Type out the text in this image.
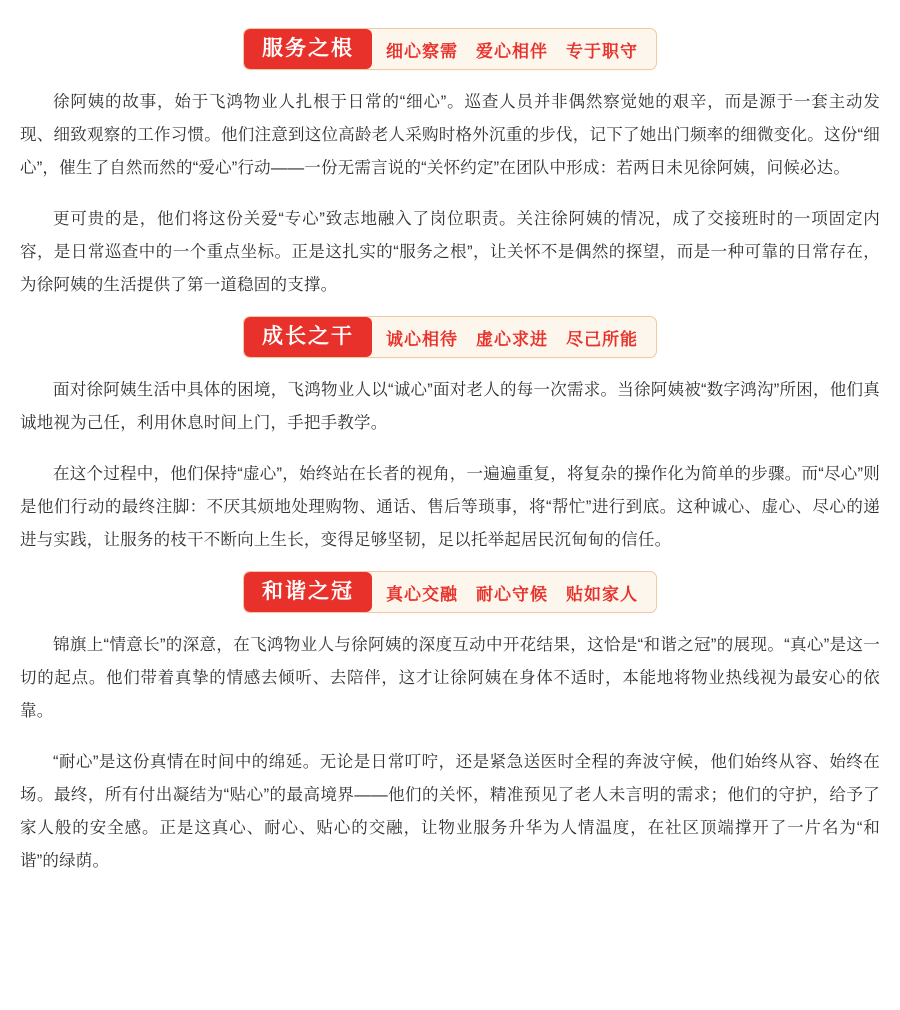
服务之根	细心察需 爱心相伴 专于职守

徐阿姨的故事，始于飞鸿物业人扎根于日常的“细心”。巡查人员并非偶然察觉她的艰辛，而是源于一套主动发现、细致观察的工作习惯。他们注意到这位高龄老人采购时格外沉重的步伐，记下了她出门频率的细微变化。这份“细心”，催生了自然而然的“爱心”行动——一份无需言说的“关怀约定”在团队中形成：若两日未见徐阿姨，问候必达。

更可贵的是，他们将这份关爱“专心”致志地融入了岗位职责。关注徐阿姨的情况，成了交接班时的一项固定内容，是日常巡查中的一个重点坐标。正是这扎实的“服务之根”，让关怀不是偶然的探望，而是一种可靠的日常存在，为徐阿姨的生活提供了第一道稳固的支撑。

成长之干	诚心相待 虚心求进 尽己所能

面对徐阿姨生活中具体的困境，飞鸿物业人以“诚心”面对老人的每一次需求。当徐阿姨被“数字鸿沟”所困，他们真诚地视为己任，利用休息时间上门，手把手教学。

在这个过程中，他们保持“虚心”，始终站在长者的视角，一遍遍重复，将复杂的操作化为简单的步骤。而“尽心”则是他们行动的最终注脚：不厌其烦地处理购物、通话、售后等琐事，将“帮忙”进行到底。这种诚心、虚心、尽心的递进与实践，让服务的枝干不断向上生长，变得足够坚韧，足以托举起居民沉甸甸的信任。

和谐之冠	真心交融 耐心守候 贴如家人

锦旗上“情意长”的深意，在飞鸿物业人与徐阿姨的深度互动中开花结果，这恰是“和谐之冠”的展现。“真心”是这一切的起点。他们带着真挚的情感去倾听、去陪伴，这才让徐阿姨在身体不适时，本能地将物业热线视为最安心的依靠。

“耐心”是这份真情在时间中的绵延。无论是日常叮咛，还是紧急送医时全程的奔波守候，他们始终从容、始终在场。最终，所有付出凝结为“贴心”的最高境界——他们的关怀，精准预见了老人未言明的需求；他们的守护，给予了家人般的安全感。正是这真心、耐心、贴心的交融，让物业服务升华为人情温度，在社区顶端撑开了一片名为“和谐”的绿荫。
